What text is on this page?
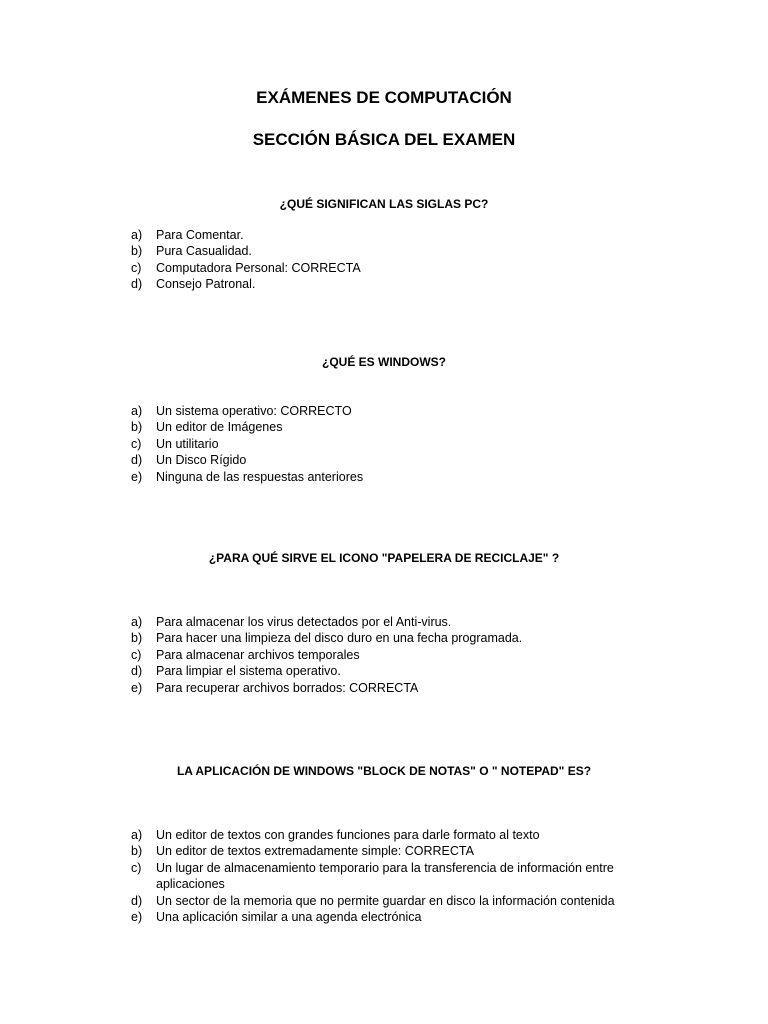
EXÁMENES DE COMPUTACIÓN
SECCIÓN BÁSICA DEL EXAMEN
¿QUÉ SIGNIFICAN LAS SIGLAS PC?
a)	Para Comentar.
b)	Pura Casualidad.
c)	Computadora Personal: CORRECTA
d)	Consejo Patronal.
¿QUÉ ES WINDOWS?
a)	Un sistema operativo: CORRECTO
b)	Un editor de Imágenes
c)	Un utilitario
d)	Un Disco Rígido
e)	Ninguna de las respuestas anteriores
¿PARA QUÉ SIRVE EL ICONO "PAPELERA DE RECICLAJE" ?
a)	Para almacenar los virus detectados por el Anti-virus.
b)	Para hacer una limpieza del disco duro en una fecha programada.
c)	Para almacenar archivos temporales
d)	Para limpiar el sistema operativo.
e)	Para recuperar archivos borrados: CORRECTA
LA APLICACIÓN DE WINDOWS "BLOCK DE NOTAS" O " NOTEPAD" ES?
a)	Un editor de textos con grandes funciones para darle formato al texto
b)	Un editor de textos extremadamente simple: CORRECTA
c)	Un lugar de almacenamiento temporario para la transferencia de información entre aplicaciones
d)	Un sector de la memoria que no permite guardar en disco la información contenida
e)	Una aplicación similar a una agenda electrónica
